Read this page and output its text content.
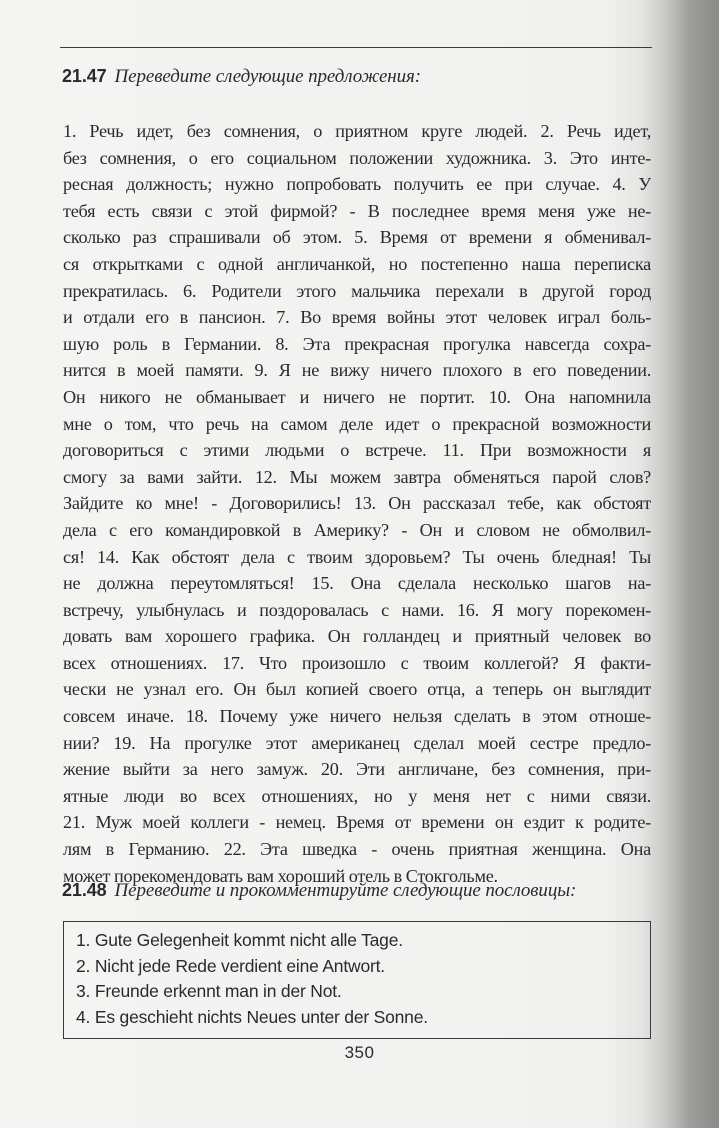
21.47 Переведите следующие предложения:
1. Речь идет, без сомнения, о приятном круге людей. 2. Речь идет,
без сомнения, о его социальном положении художника. 3. Это инте-
ресная должность; нужно попробовать получить ее при случае. 4. У
тебя есть связи с этой фирмой? - В последнее время меня уже не-
сколько раз спрашивали об этом. 5. Время от времени я обменивал-
ся открытками с одной англичанкой, но постепенно наша переписка
прекратилась. 6. Родители этого мальчика перехали в другой город
и отдали его в пансион. 7. Во время войны этот человек играл боль-
шую роль в Германии. 8. Эта прекрасная прогулка навсегда сохра-
нится в моей памяти. 9. Я не вижу ничего плохого в его поведении.
Он никого не обманывает и ничего не портит. 10. Она напомнила
мне о том, что речь на самом деле идет о прекрасной возможности
договориться с этими людьми о встрече. 11. При возможности я
смогу за вами зайти. 12. Мы можем завтра обменяться парой слов?
Зайдите ко мне! - Договорились! 13. Он рассказал тебе, как обстоят
дела с его командировкой в Америку? - Он и словом не обмолвил-
ся! 14. Как обстоят дела с твоим здоровьем? Ты очень бледная! Ты
не должна переутомляться! 15. Она сделала несколько шагов на-
встречу, улыбнулась и поздоровалась с нами. 16. Я могу порекомен-
довать вам хорошего графика. Он голландец и приятный человек во
всех отношениях. 17. Что произошло с твоим коллегой? Я факти-
чески не узнал его. Он был копией своего отца, а теперь он выглядит
совсем иначе. 18. Почему уже ничего нельзя сделать в этом отноше-
нии? 19. На прогулке этот американец сделал моей сестре предло-
жение выйти за него замуж. 20. Эти англичане, без сомнения, при-
ятные люди во всех отношениях, но у меня нет с ними связи.
21. Муж моей коллеги - немец. Время от времени он ездит к родите-
лям в Германию. 22. Эта шведка - очень приятная женщина. Она
может порекомендовать вам хороший отель в Стокгольме.
21.48 Переведите и прокомментируйте следующие пословицы:
1. Gute Gelegenheit kommt nicht alle Tage.
2. Nicht jede Rede verdient eine Antwort.
3. Freunde erkennt man in der Not.
4. Es geschieht nichts Neues unter der Sonne.
350
